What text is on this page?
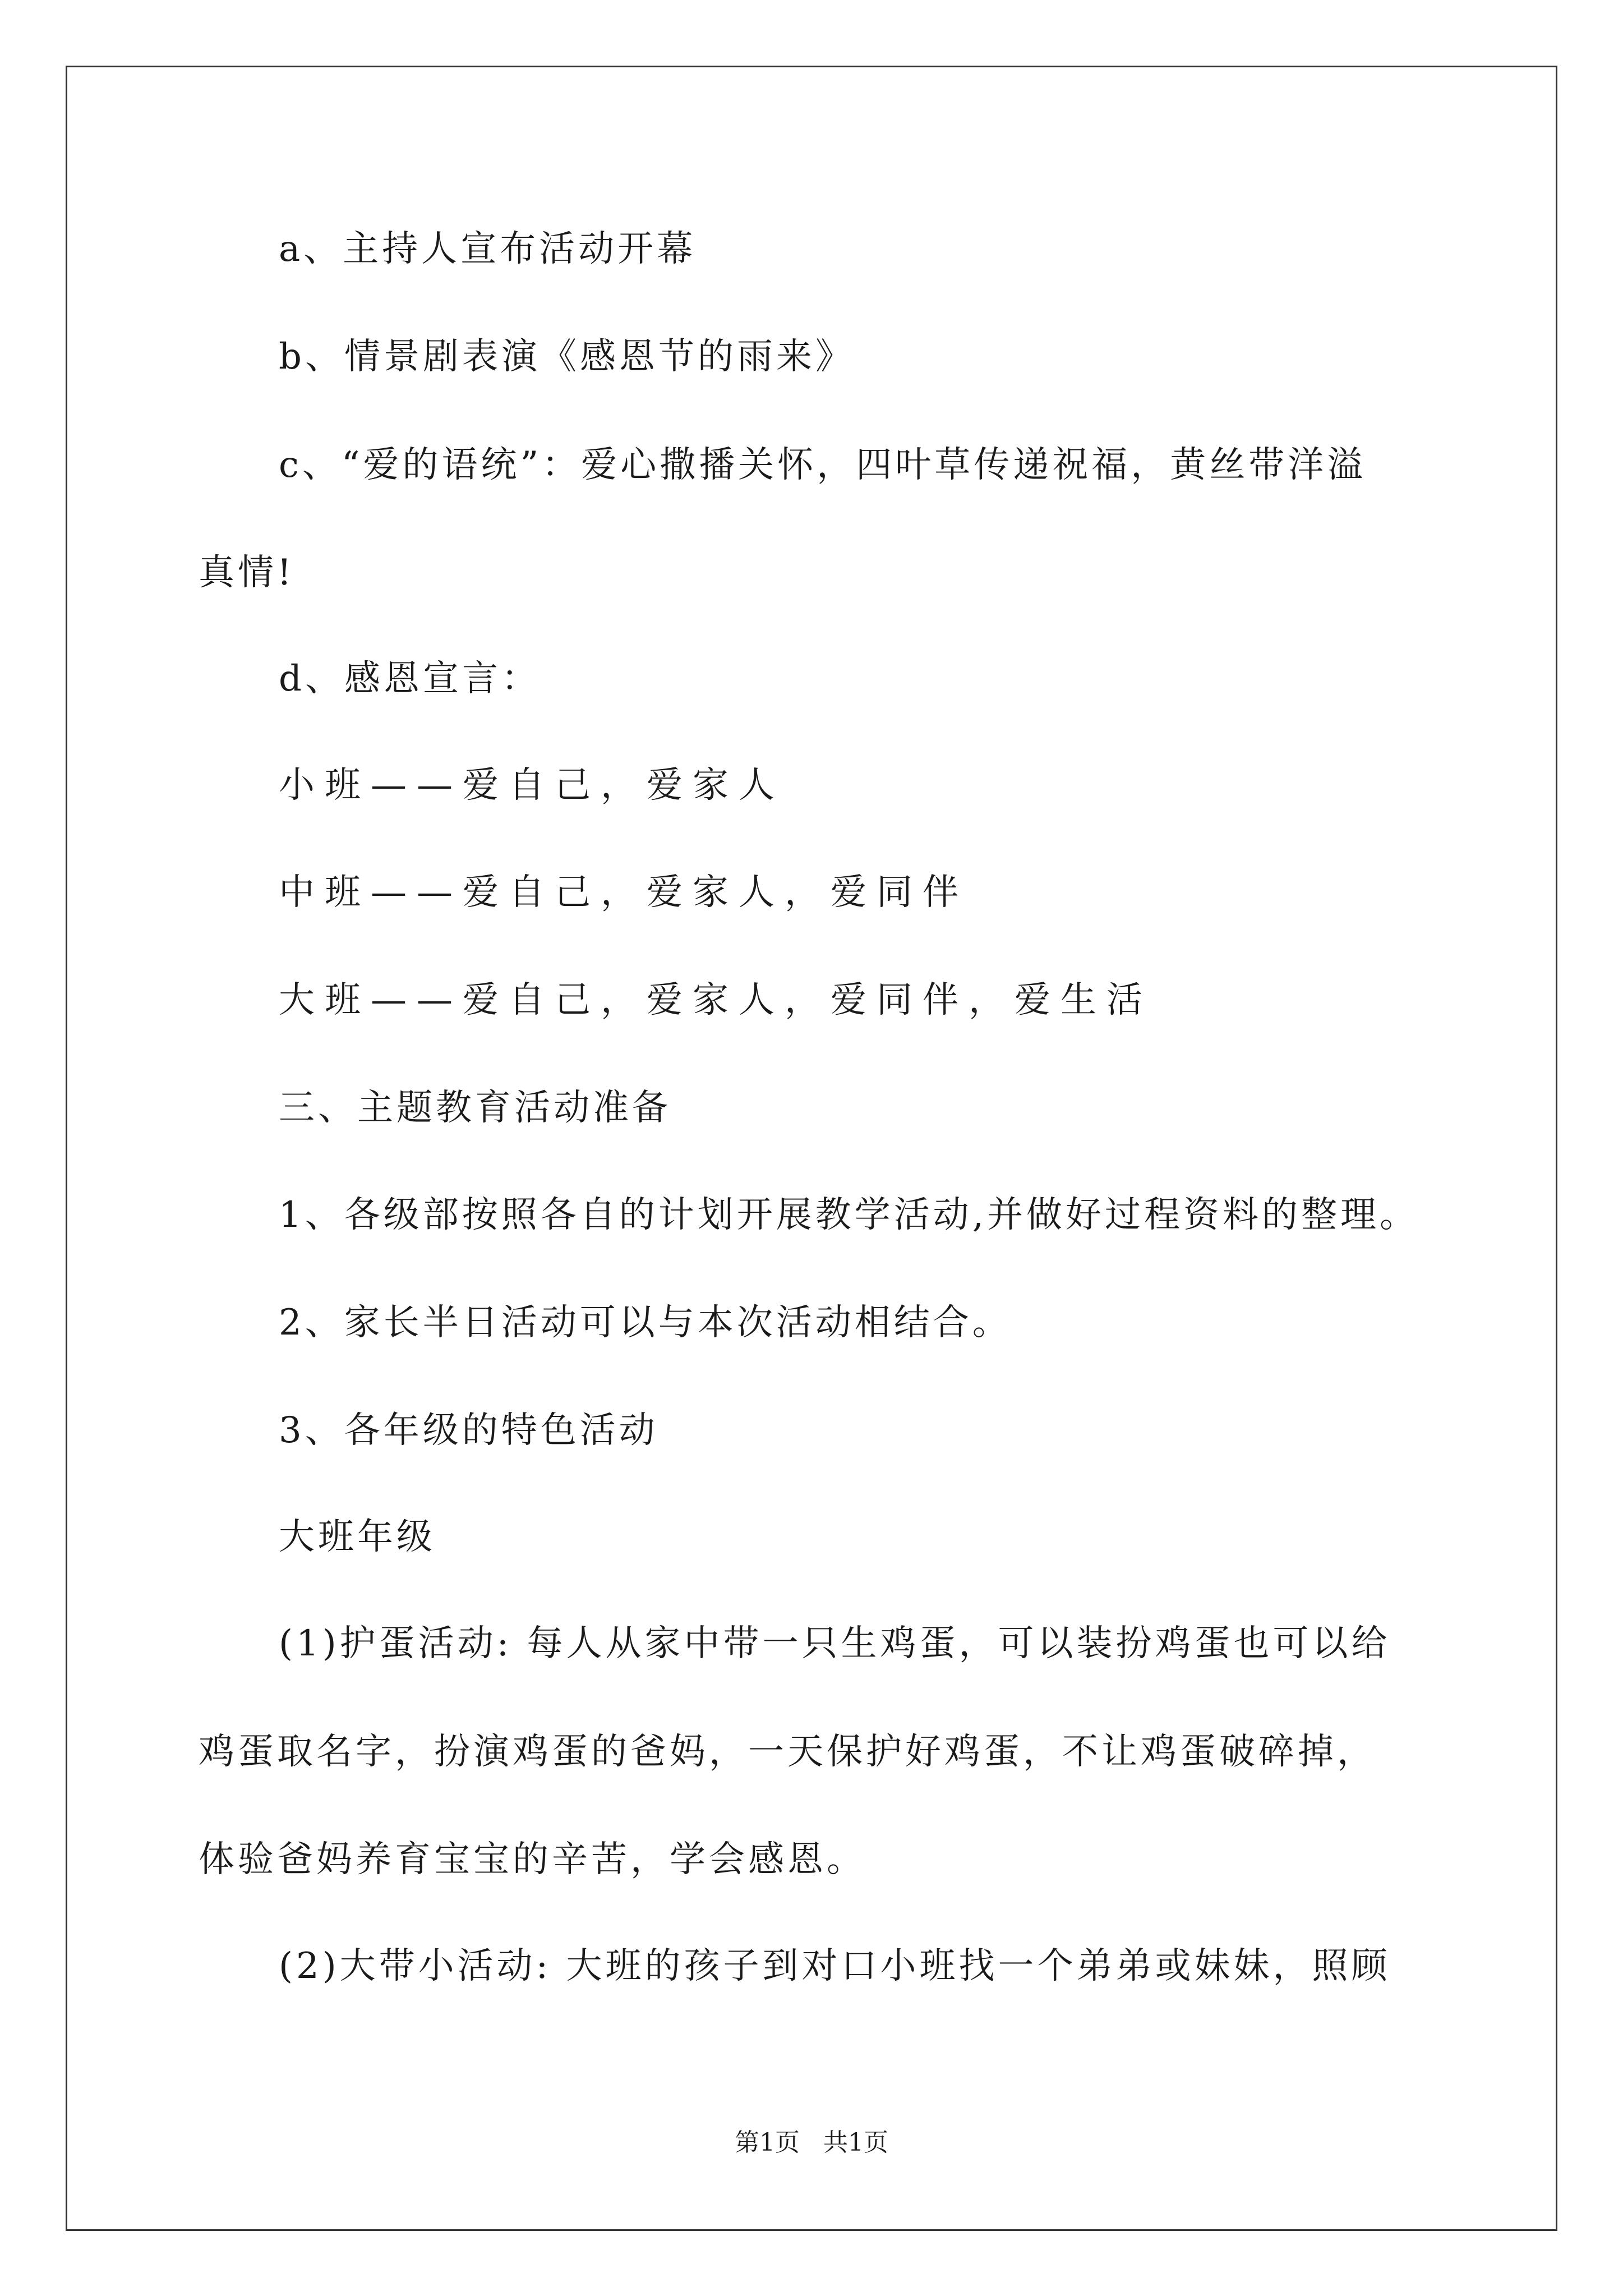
a、主持人宣布活动开幕
b、情景剧表演《感恩节的雨来》
c、“爱的语统”：爱心撒播关怀，四叶草传递祝福，黄丝带洋溢
真情!
d、感恩宣言：
小班——爱自己，爱家人
中班——爱自己，爱家人，爱同伴
大班——爱自己，爱家人，爱同伴，爱生活
三、主题教育活动准备
1、各级部按照各自的计划开展教学活动,并做好过程资料的整理。
2、家长半日活动可以与本次活动相结合。
3、各年级的特色活动
大班年级
(1)护蛋活动: 每人从家中带一只生鸡蛋，可以装扮鸡蛋也可以给
鸡蛋取名字，扮演鸡蛋的爸妈，一天保护好鸡蛋，不让鸡蛋破碎掉，
体验爸妈养育宝宝的辛苦，学会感恩。
(2)大带小活动: 大班的孩子到对口小班找一个弟弟或妹妹，照顾
第1页   共1页
